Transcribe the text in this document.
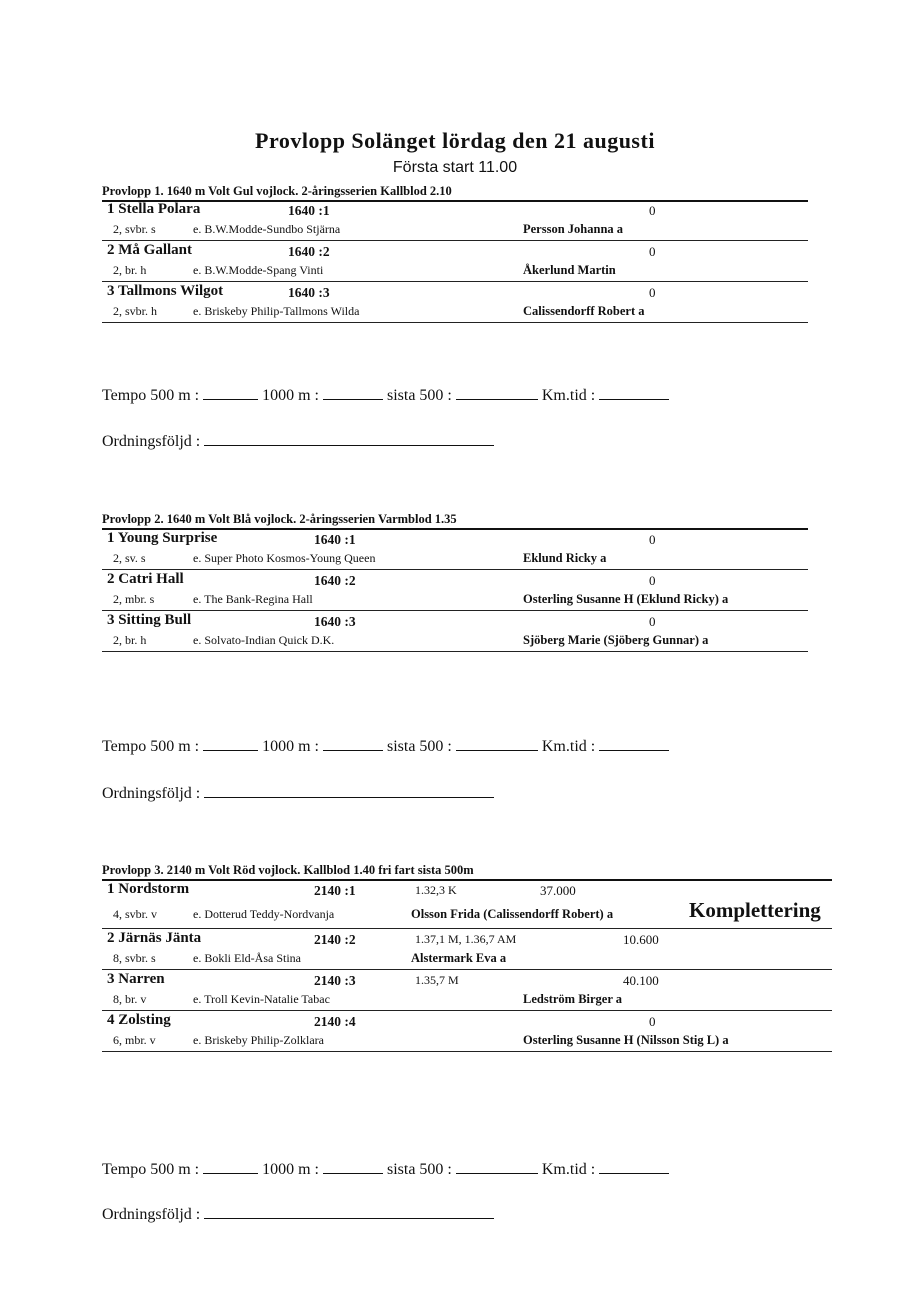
Provlopp Solänget lördag den 21 augusti
Första start 11.00
Provlopp 1. 1640 m Volt Gul vojlock. 2-åringsserien Kallblod 2.10
1 Stella Polara	1640 :1	0
2, svbr. s	e. B.W.Modde-Sundbo Stjärna	Persson Johanna a
2 Må Gallant	1640 :2	0
2, br. h	e. B.W.Modde-Spang Vinti	Åkerlund Martin
3 Tallmons Wilgot	1640 :3	0
2, svbr. h	e. Briskeby Philip-Tallmons Wilda	Calissendorff Robert a
Tempo 500 m :	1000 m :	sista 500 :	Km.tid :
Ordningsföljd :
Provlopp 2. 1640 m Volt Blå vojlock. 2-åringsserien Varmblod 1.35
1 Young Surprise	1640 :1	0
2, sv. s	e. Super Photo Kosmos-Young Queen	Eklund Ricky a
2 Catri Hall	1640 :2	0
2, mbr. s	e. The Bank-Regina Hall	Osterling Susanne H (Eklund Ricky) a
3 Sitting Bull	1640 :3	0
2, br. h	e. Solvato-Indian Quick D.K.	Sjöberg Marie (Sjöberg Gunnar) a
Tempo 500 m :	1000 m :	sista 500 :	Km.tid :
Ordningsföljd :
Provlopp 3. 2140 m Volt Röd vojlock. Kallblod 1.40 fri fart sista 500m
1 Nordstorm	2140 :1	1.32,3 K	37.000
4, svbr. v	e. Dotterud Teddy-Nordvanja	Olsson Frida (Calissendorff Robert) a	Komplettering
2 Järnäs Jänta	2140 :2	1.37,1 M, 1.36,7 AM	10.600
8, svbr. s	e. Bokli Eld-Åsa Stina	Alstermark Eva a
3 Narren	2140 :3	1.35,7 M	40.100
8, br. v	e. Troll Kevin-Natalie Tabac	Ledström Birger a
4 Zolsting	2140 :4	0
6, mbr. v	e. Briskeby Philip-Zolklara	Osterling Susanne H (Nilsson Stig L) a
Tempo 500 m :	1000 m :	sista 500 :	Km.tid :
Ordningsföljd :
